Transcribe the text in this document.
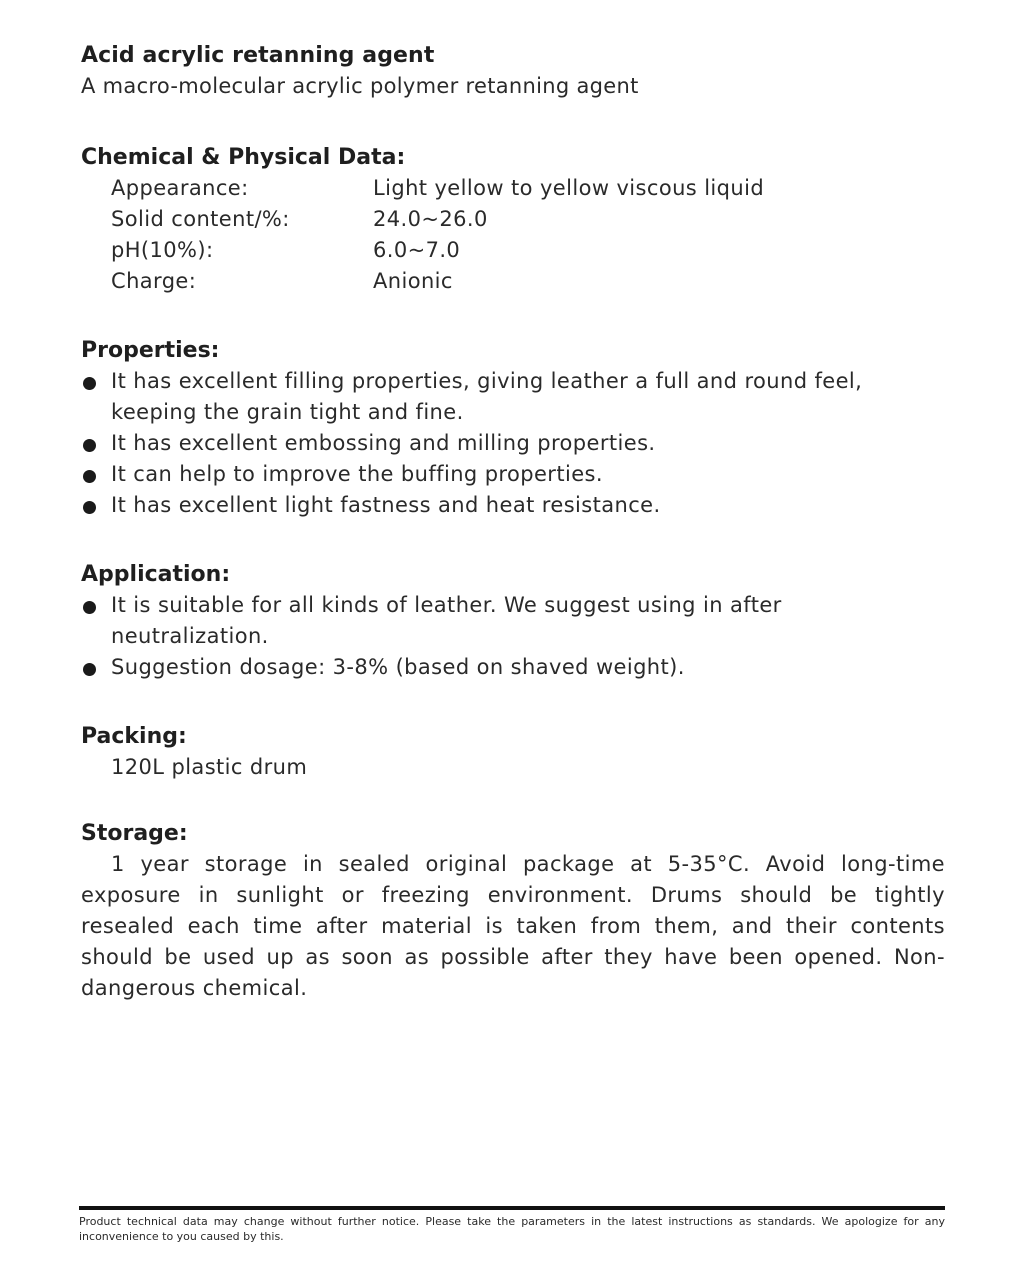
Acid acrylic retanning agent
A macro-molecular acrylic polymer retanning agent
Chemical & Physical Data:
Appearance:	Light yellow to yellow viscous liquid
Solid content/%:	24.0~26.0
pH(10%):	6.0~7.0
Charge:	Anionic
Properties:
It has excellent filling properties, giving leather a full and round feel, keeping the grain tight and fine.
It has excellent embossing and milling properties.
It can help to improve the buffing properties.
It has excellent light fastness and heat resistance.
Application:
It is suitable for all kinds of leather. We suggest using in after neutralization.
Suggestion dosage: 3-8% (based on shaved weight).
Packing:
120L plastic drum
Storage:
1 year storage in sealed original package at 5-35°C. Avoid long-time exposure in sunlight or freezing environment. Drums should be tightly resealed each time after material is taken from them, and their contents should be used up as soon as possible after they have been opened. Non-dangerous chemical.
Product technical data may change without further notice. Please take the parameters in the latest instructions as standards. We apologize for any inconvenience to you caused by this.
